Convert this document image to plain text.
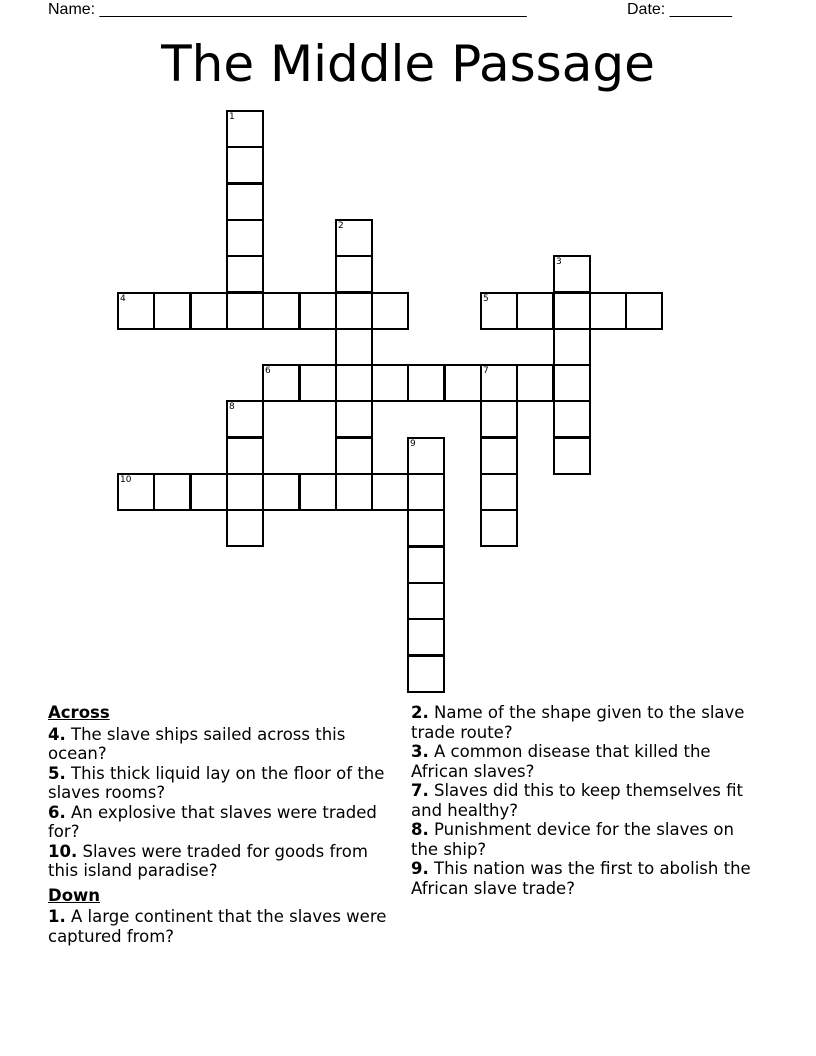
Name: ________________________________________________	Date: _______
The Middle Passage
1
2
3
4	5
6	7
8
9
10
Across
4. The slave ships sailed across this ocean?
5. This thick liquid lay on the floor of the slaves rooms?
6. An explosive that slaves were traded for?
10. Slaves were traded for goods from this island paradise?
Down
1. A large continent that the slaves were captured from?
2. Name of the shape given to the slave trade route?
3. A common disease that killed the African slaves?
7. Slaves did this to keep themselves fit and healthy?
8. Punishment device for the slaves on the ship?
9. This nation was the first to abolish the African slave trade?
